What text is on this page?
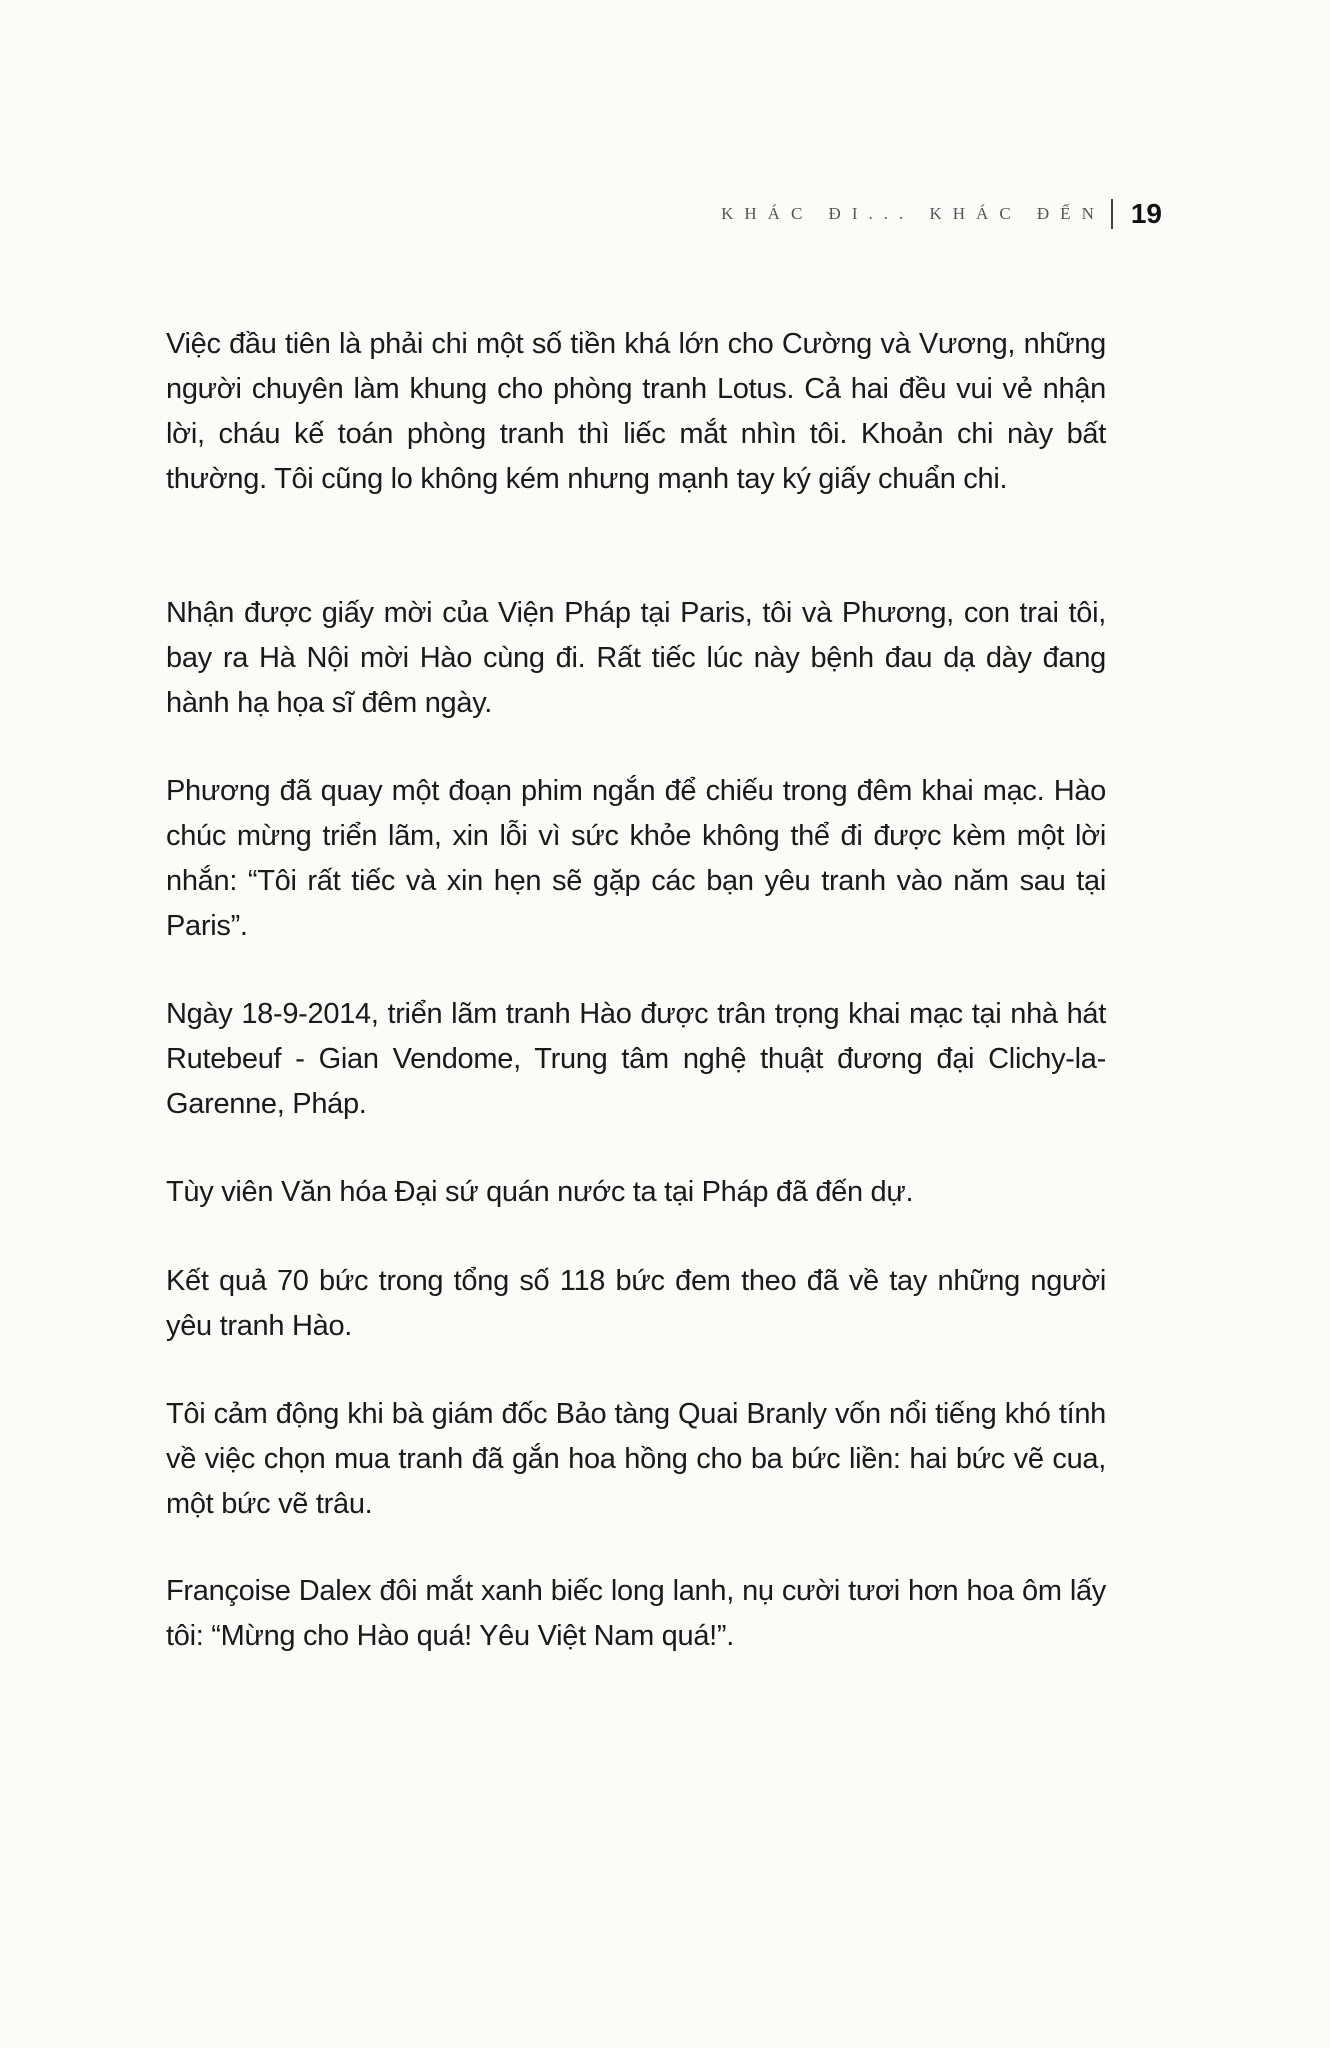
KHÁC ĐI... KHÁC ĐẾN 19

Việc đầu tiên là phải chi một số tiền khá lớn cho Cường và Vương, những người chuyên làm khung cho phòng tranh Lotus. Cả hai đều vui vẻ nhận lời, cháu kế toán phòng tranh thì liếc mắt nhìn tôi. Khoản chi này bất thường. Tôi cũng lo không kém nhưng mạnh tay ký giấy chuẩn chi.

Nhận được giấy mời của Viện Pháp tại Paris, tôi và Phương, con trai tôi, bay ra Hà Nội mời Hào cùng đi. Rất tiếc lúc này bệnh đau dạ dày đang hành hạ họa sĩ đêm ngày.

Phương đã quay một đoạn phim ngắn để chiếu trong đêm khai mạc. Hào chúc mừng triển lãm, xin lỗi vì sức khỏe không thể đi được kèm một lời nhắn: “Tôi rất tiếc và xin hẹn sẽ gặp các bạn yêu tranh vào năm sau tại Paris”.

Ngày 18-9-2014, triển lãm tranh Hào được trân trọng khai mạc tại nhà hát Rutebeuf - Gian Vendome, Trung tâm nghệ thuật đương đại Clichy-la-Garenne, Pháp.

Tùy viên Văn hóa Đại sứ quán nước ta tại Pháp đã đến dự.

Kết quả 70 bức trong tổng số 118 bức đem theo đã về tay những người yêu tranh Hào.

Tôi cảm động khi bà giám đốc Bảo tàng Quai Branly vốn nổi tiếng khó tính về việc chọn mua tranh đã gắn hoa hồng cho ba bức liền: hai bức vẽ cua, một bức vẽ trâu.

Françoise Dalex đôi mắt xanh biếc long lanh, nụ cười tươi hơn hoa ôm lấy tôi: “Mừng cho Hào quá! Yêu Việt Nam quá!”.
